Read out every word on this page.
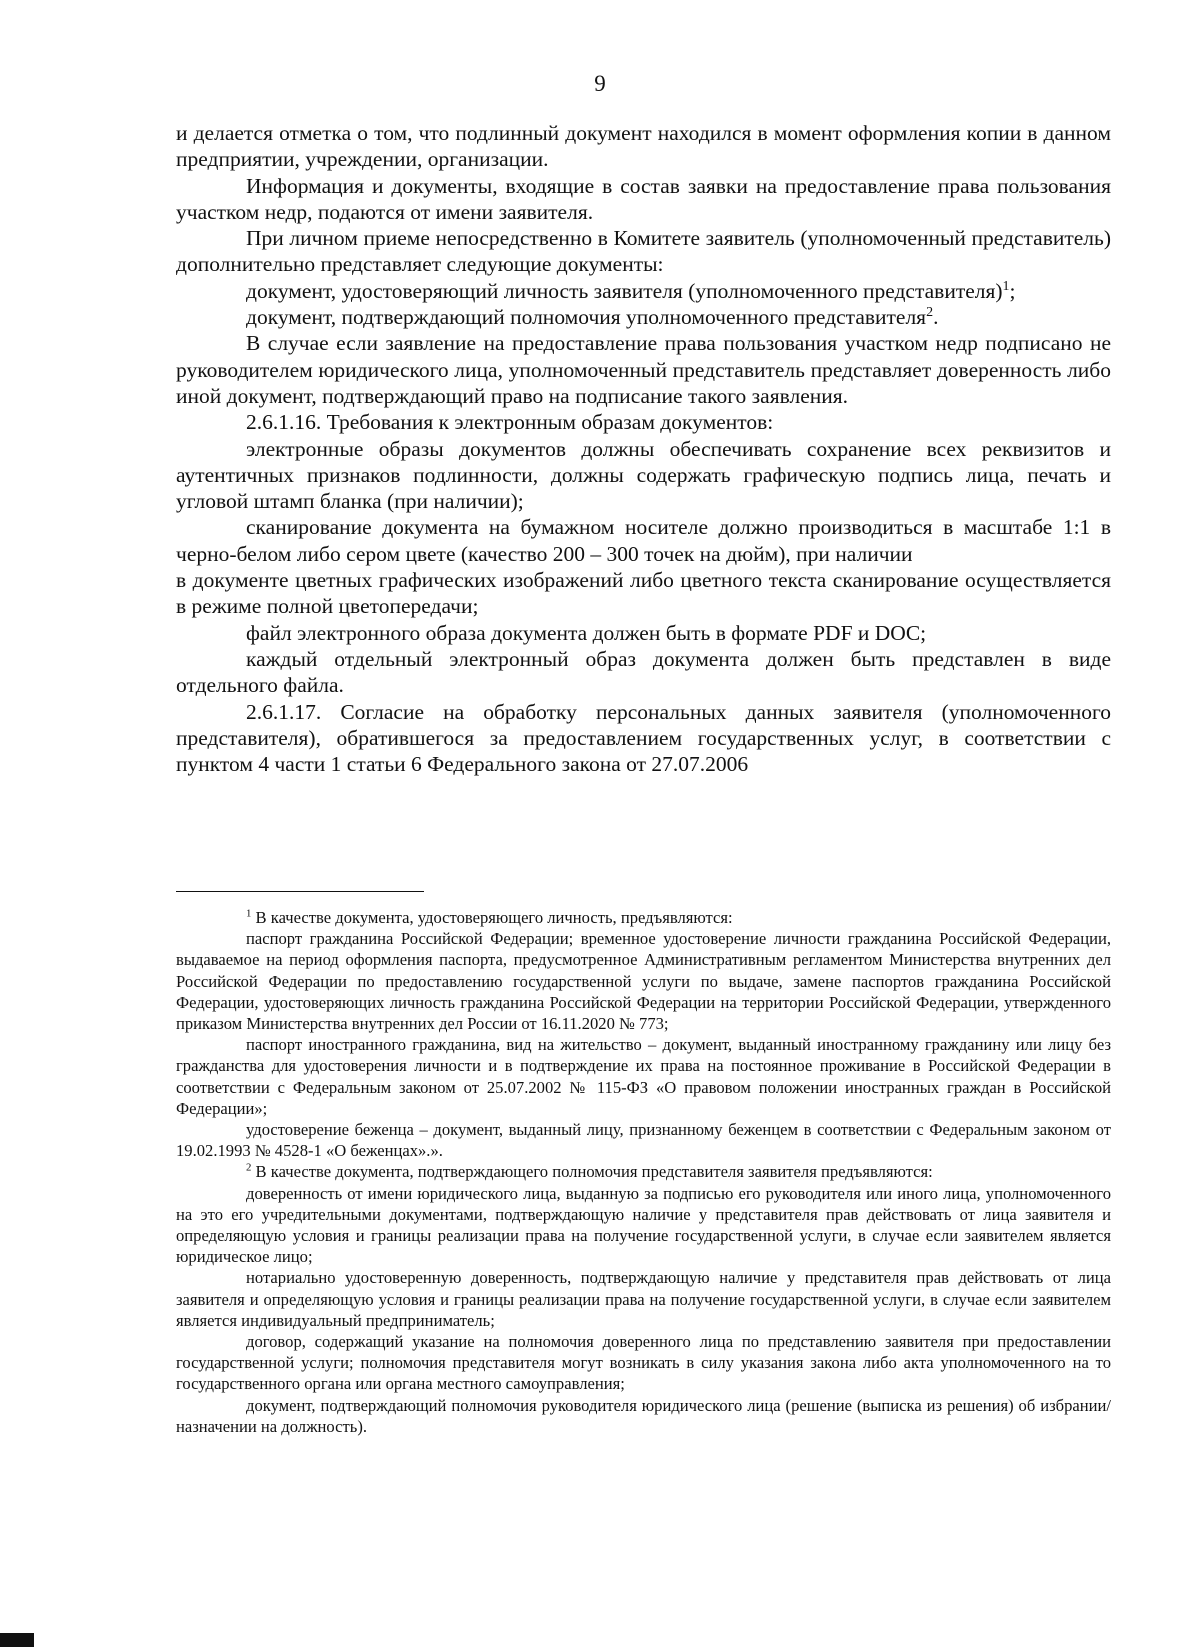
9

и делается отметка о том, что подлинный документ находился в момент оформления копии в данном предприятии, учреждении, организации.

Информация и документы, входящие в состав заявки на предоставление права пользования участком недр, подаются от имени заявителя.

При личном приеме непосредственно в Комитете заявитель (уполномоченный представитель) дополнительно представляет следующие документы:

документ, удостоверяющий личность заявителя (уполномоченного представителя)$^1$;

документ, подтверждающий полномочия уполномоченного представителя$^2$.

В случае если заявление на предоставление права пользования участком недр подписано не руководителем юридического лица, уполномоченный представитель представляет доверенность либо иной документ, подтверждающий право на подписание такого заявления.

2.6.1.16. Требования к электронным образам документов:

электронные образы документов должны обеспечивать сохранение всех реквизитов и аутентичных признаков подлинности, должны содержать графическую подпись лица, печать и угловой штамп бланка (при наличии);

сканирование документа на бумажном носителе должно производиться в масштабе 1:1 в черно-белом либо сером цвете (качество 200 – 300 точек на дюйм), при наличии

в документе цветных графических изображений либо цветного текста сканирование осуществляется в режиме полной цветопередачи;

файл электронного образа документа должен быть в формате PDF и DOC;

каждый отдельный электронный образ документа должен быть представлен в виде отдельного файла.

2.6.1.17. Согласие на обработку персональных данных заявителя (уполномоченного представителя), обратившегося за предоставлением государственных услуг, в соответствии с пунктом 4 части 1 статьи 6 Федерального закона от 27.07.2006

$^1$ В качестве документа, удостоверяющего личность, предъявляются:

паспорт гражданина Российской Федерации; временное удостоверение личности гражданина Российской Федерации, выдаваемое на период оформления паспорта, предусмотренное Административным регламентом Министерства внутренних дел Российской Федерации по предоставлению государственной услуги по выдаче, замене паспортов гражданина Российской Федерации, удостоверяющих личность гражданина Российской Федерации на территории Российской Федерации, утвержденного приказом Министерства внутренних дел России от 16.11.2020 № 773;

паспорт иностранного гражданина, вид на жительство – документ, выданный иностранному гражданину или лицу без гражданства для удостоверения личности и в подтверждение их права на постоянное проживание в Российской Федерации в соответствии с Федеральным законом от 25.07.2002 № 115-ФЗ «О правовом положении иностранных граждан в Российской Федерации»;

удостоверение беженца – документ, выданный лицу, признанному беженцем в соответствии с Федеральным законом от 19.02.1993 № 4528-1 «О беженцах».».

$^2$ В качестве документа, подтверждающего полномочия представителя заявителя предъявляются:

доверенность от имени юридического лица, выданную за подписью его руководителя или иного лица, уполномоченного на это его учредительными документами, подтверждающую наличие у представителя прав действовать от лица заявителя и определяющую условия и границы реализации права на получение государственной услуги, в случае если заявителем является юридическое лицо;

нотариально удостоверенную доверенность, подтверждающую наличие у представителя прав действовать от лица заявителя и определяющую условия и границы реализации права на получение государственной услуги, в случае если заявителем является индивидуальный предприниматель;

договор, содержащий указание на полномочия доверенного лица по представлению заявителя при предоставлении государственной услуги; полномочия представителя могут возникать в силу указания закона либо акта уполномоченного на то государственного органа или органа местного самоуправления;

документ, подтверждающий полномочия руководителя юридического лица (решение (выписка из решения) об избрании/назначении на должность).
